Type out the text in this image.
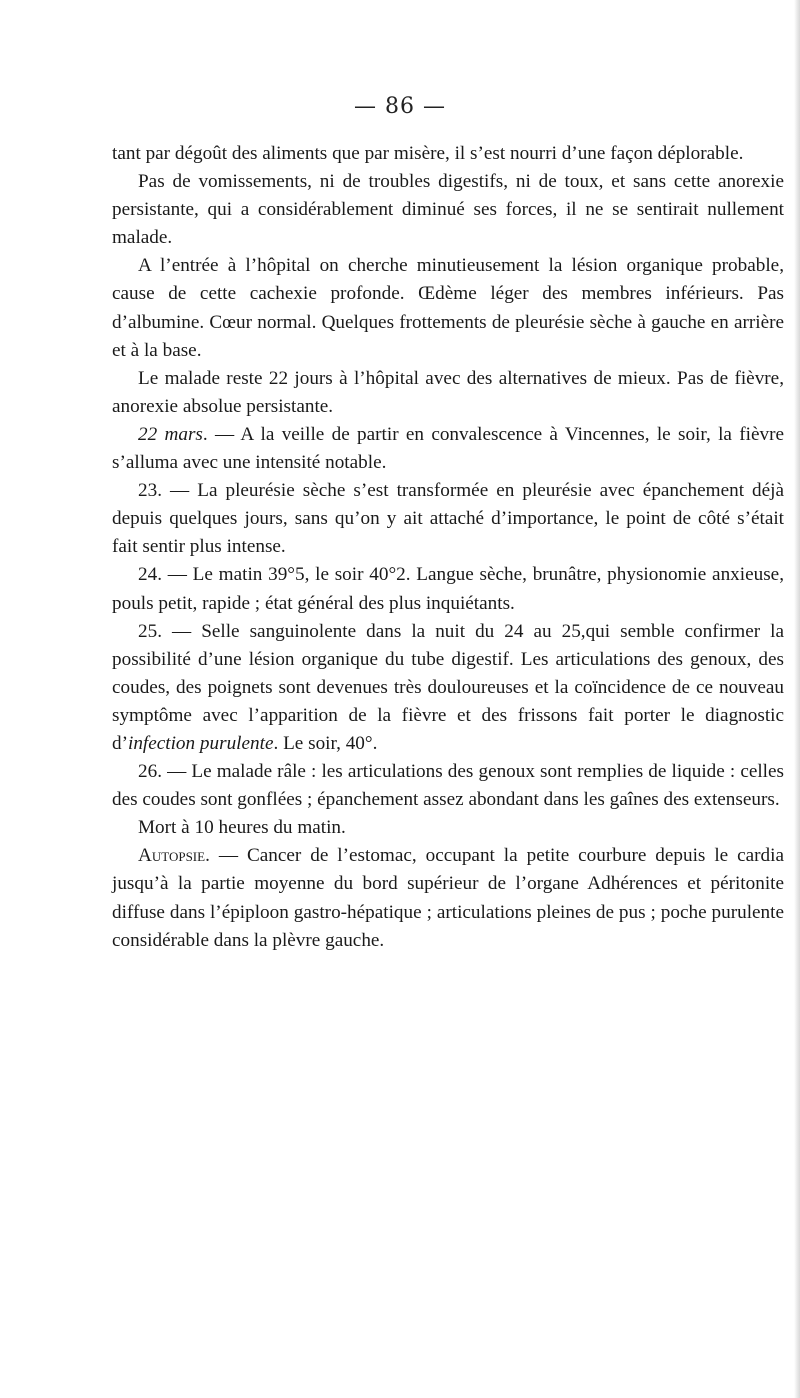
— 86 —

tant par dégoût des aliments que par misère, il s’est nourri d’une façon déplorable.

Pas de vomissements, ni de troubles digestifs, ni de toux, et sans cette anorexie persistante, qui a considérablement diminué ses forces, il ne se sentirait nullement malade.

A l’entrée à l’hôpital on cherche minutieusement la lésion organique probable, cause de cette cachexie profonde. Œdème léger des membres inférieurs. Pas d’albumine. Cœur normal. Quelques frottements de pleurésie sèche à gauche en arrière et à la base.

Le malade reste 22 jours à l’hôpital avec des alternatives de mieux. Pas de fièvre, anorexie absolue persistante.

22 mars. — A la veille de partir en convalescence à Vincennes, le soir, la fièvre s’alluma avec une intensité notable.

23. — La pleurésie sèche s’est transformée en pleurésie avec épanchement déjà depuis quelques jours, sans qu’on y ait attaché d’importance, le point de côté s’était fait sentir plus intense.

24. — Le matin 39°5, le soir 40°2. Langue sèche, brunâtre, physionomie anxieuse, pouls petit, rapide ; état général des plus inquiétants.

25. — Selle sanguinolente dans la nuit du 24 au 25,qui semble confirmer la possibilité d’une lésion organique du tube digestif. Les articulations des genoux, des coudes, des poignets sont devenues très douloureuses et la coïncidence de ce nouveau symptôme avec l’apparition de la fièvre et des frissons fait porter le diagnostic d’infection purulente. Le soir, 40°.

26. — Le malade râle : les articulations des genoux sont remplies de liquide : celles des coudes sont gonflées ; épanchement assez abondant dans les gaînes des extenseurs.

Mort à 10 heures du matin.

Autopsie. — Cancer de l’estomac, occupant la petite courbure depuis le cardia jusqu’à la partie moyenne du bord supérieur de l’organe Adhérences et péritonite diffuse dans l’épiploon gastro-hépatique ; articulations pleines de pus ; poche purulente considérable dans la plèvre gauche.
